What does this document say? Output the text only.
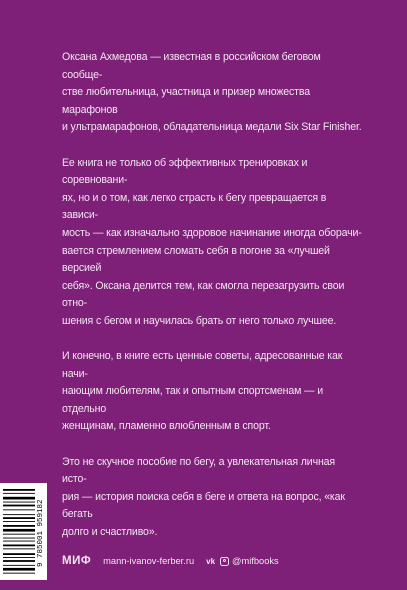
Оксана Ахмедова — известная в российском беговом сообще-
стве любительница, участница и призер множества марафонов
и ультрамарафонов, обладательница медали Six Star Finisher.

Ее книга не только об эффективных тренировках и соревновани-
ях, но и о том, как легко страсть к бегу превращается в зависи-
мость — как изначально здоровое начинание иногда оборачи-
вается стремлением сломать себя в погоне за «лучшей версией
себя». Оксана делится тем, как смогла перезагрузить свои отно-
шения с бегом и научилась брать от него только лучшее.

И конечно, в книге есть ценные советы, адресованные как начи-
нающим любителям, так и опытным спортсменам — и отдельно
женщинам, пламенно влюбленным в спорт.

Это не скучное пособие по бегу, а увлекательная личная исто-
рия — история поиска себя в беге и ответа на вопрос, «как бегать
долго и счастливо».

9 785001 959182 МИФ mann-ivanov-ferber.ru vk @mifbooks
